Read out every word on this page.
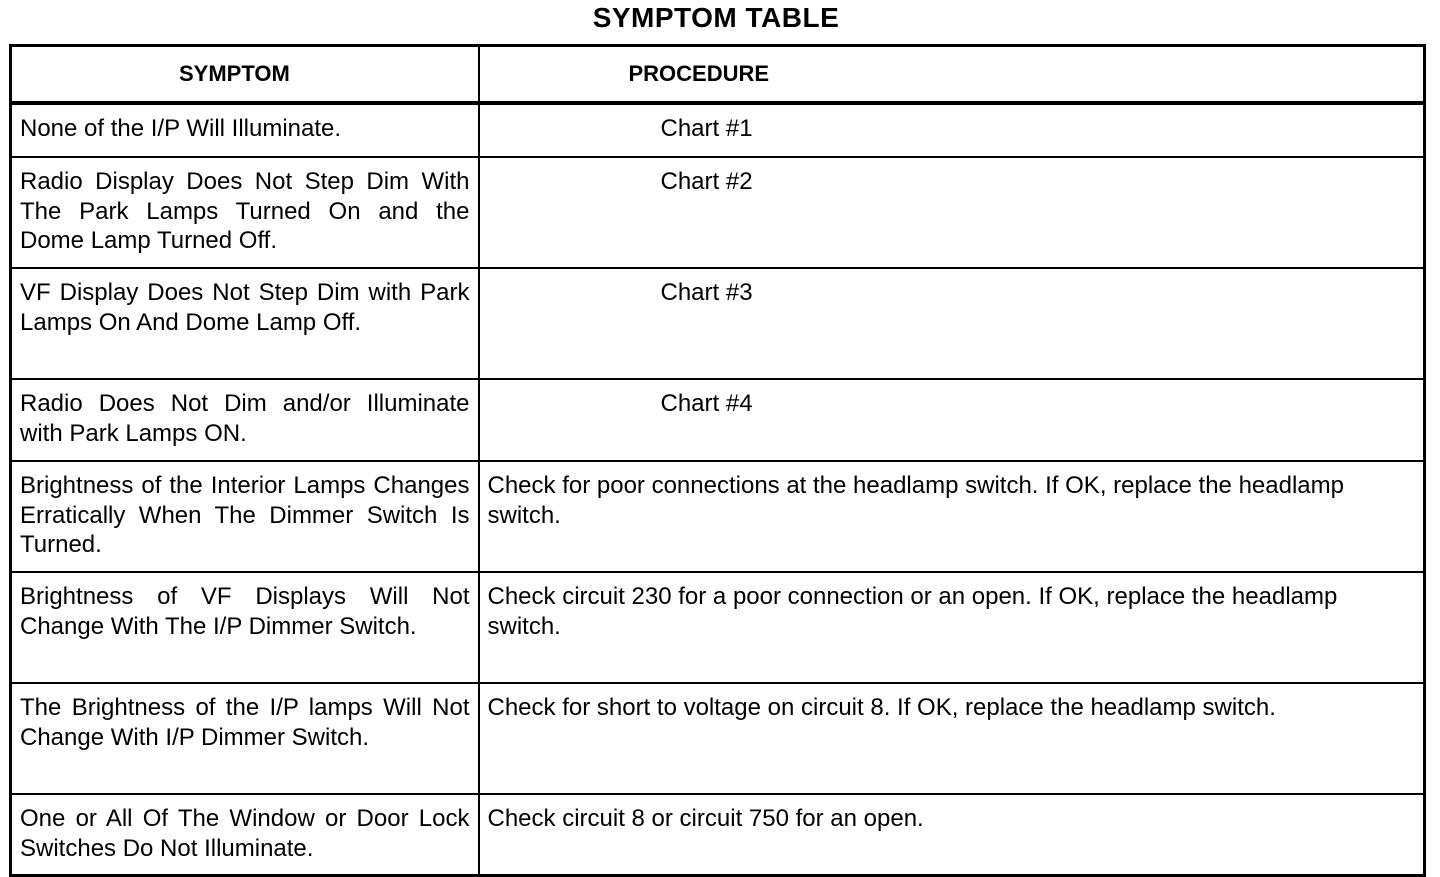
SYMPTOM TABLE
SYMPTOM	PROCEDURE
None of the I/P Will Illuminate.	Chart #1
Radio Display Does Not Step Dim With The Park Lamps Turned On and the Dome Lamp Turned Off.	Chart #2
VF Display Does Not Step Dim with Park Lamps On And Dome Lamp Off.	Chart #3
Radio Does Not Dim and/or Illuminate with Park Lamps ON.	Chart #4
Brightness of the Interior Lamps Changes Erratically When The Dimmer Switch Is Turned.	Check for poor connections at the headlamp switch. If OK, replace the headlamp switch.
Brightness of VF Displays Will Not Change With The I/P Dimmer Switch.	Check circuit 230 for a poor connection or an open. If OK, replace the headlamp switch.
The Brightness of the I/P lamps Will Not Change With I/P Dimmer Switch.	Check for short to voltage on circuit 8. If OK, replace the headlamp switch.
One or All Of The Window or Door Lock Switches Do Not Illuminate.	Check circuit 8 or circuit 750 for an open.
